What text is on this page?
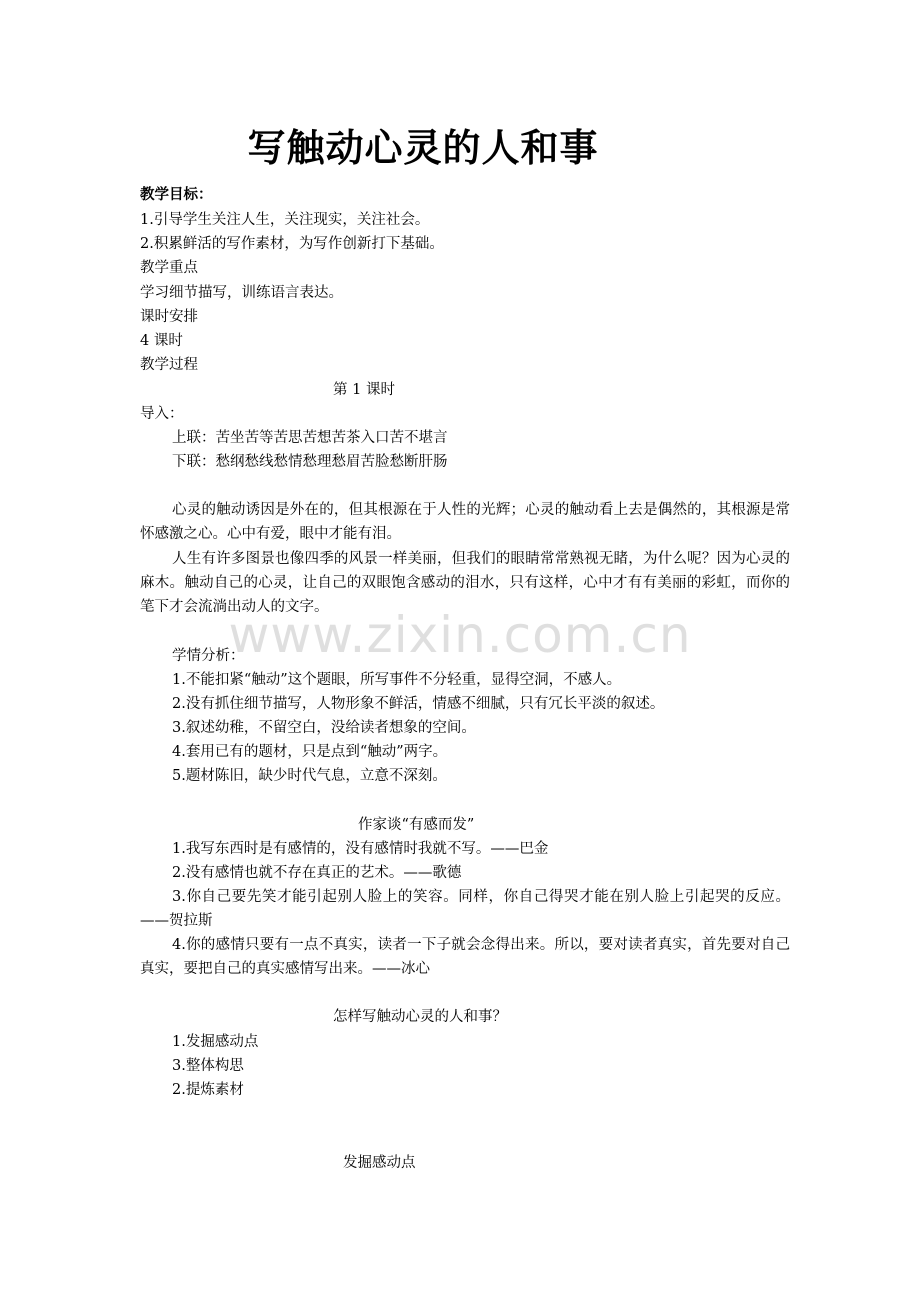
写触动心灵的人和事
教学目标：
1.引导学生关注人生，关注现实，关注社会。
2.积累鲜活的写作素材，为写作创新打下基础。
教学重点
学习细节描写，训练语言表达。
课时安排
4 课时
教学过程
第 1 课时
导入：
上联：苦坐苦等苦思苦想苦茶入口苦不堪言
下联：愁纲愁线愁情愁理愁眉苦脸愁断肝肠
心灵的触动诱因是外在的，但其根源在于人性的光辉；心灵的触动看上去是偶然的，其根源是常怀感激之心。心中有爱，眼中才能有泪。
人生有许多图景也像四季的风景一样美丽，但我们的眼睛常常熟视无睹，为什么呢？因为心灵的麻木。触动自己的心灵，让自己的双眼饱含感动的泪水，只有这样，心中才有有美丽的彩虹，而你的笔下才会流淌出动人的文字。
www.zixin.com.cn
学情分析：
1.不能扣紧“触动”这个题眼，所写事件不分轻重，显得空洞，不感人。
2.没有抓住细节描写，人物形象不鲜活，情感不细腻，只有冗长平淡的叙述。
3.叙述幼稚，不留空白，没给读者想象的空间。
4.套用已有的题材，只是点到“触动”两字。
5.题材陈旧，缺少时代气息，立意不深刻。
作家谈“有感而发”
1.我写东西时是有感情的，没有感情时我就不写。——巴金
2.没有感情也就不存在真正的艺术。——歌德
3.你自己要先笑才能引起别人脸上的笑容。同样，你自己得哭才能在别人脸上引起哭的反应。——贺拉斯
4.你的感情只要有一点不真实，读者一下子就会念得出来。所以，要对读者真实，首先要对自己真实，要把自己的真实感情写出来。——冰心
怎样写触动心灵的人和事？
1.发掘感动点
3.整体构思
2.提炼素材
发掘感动点
